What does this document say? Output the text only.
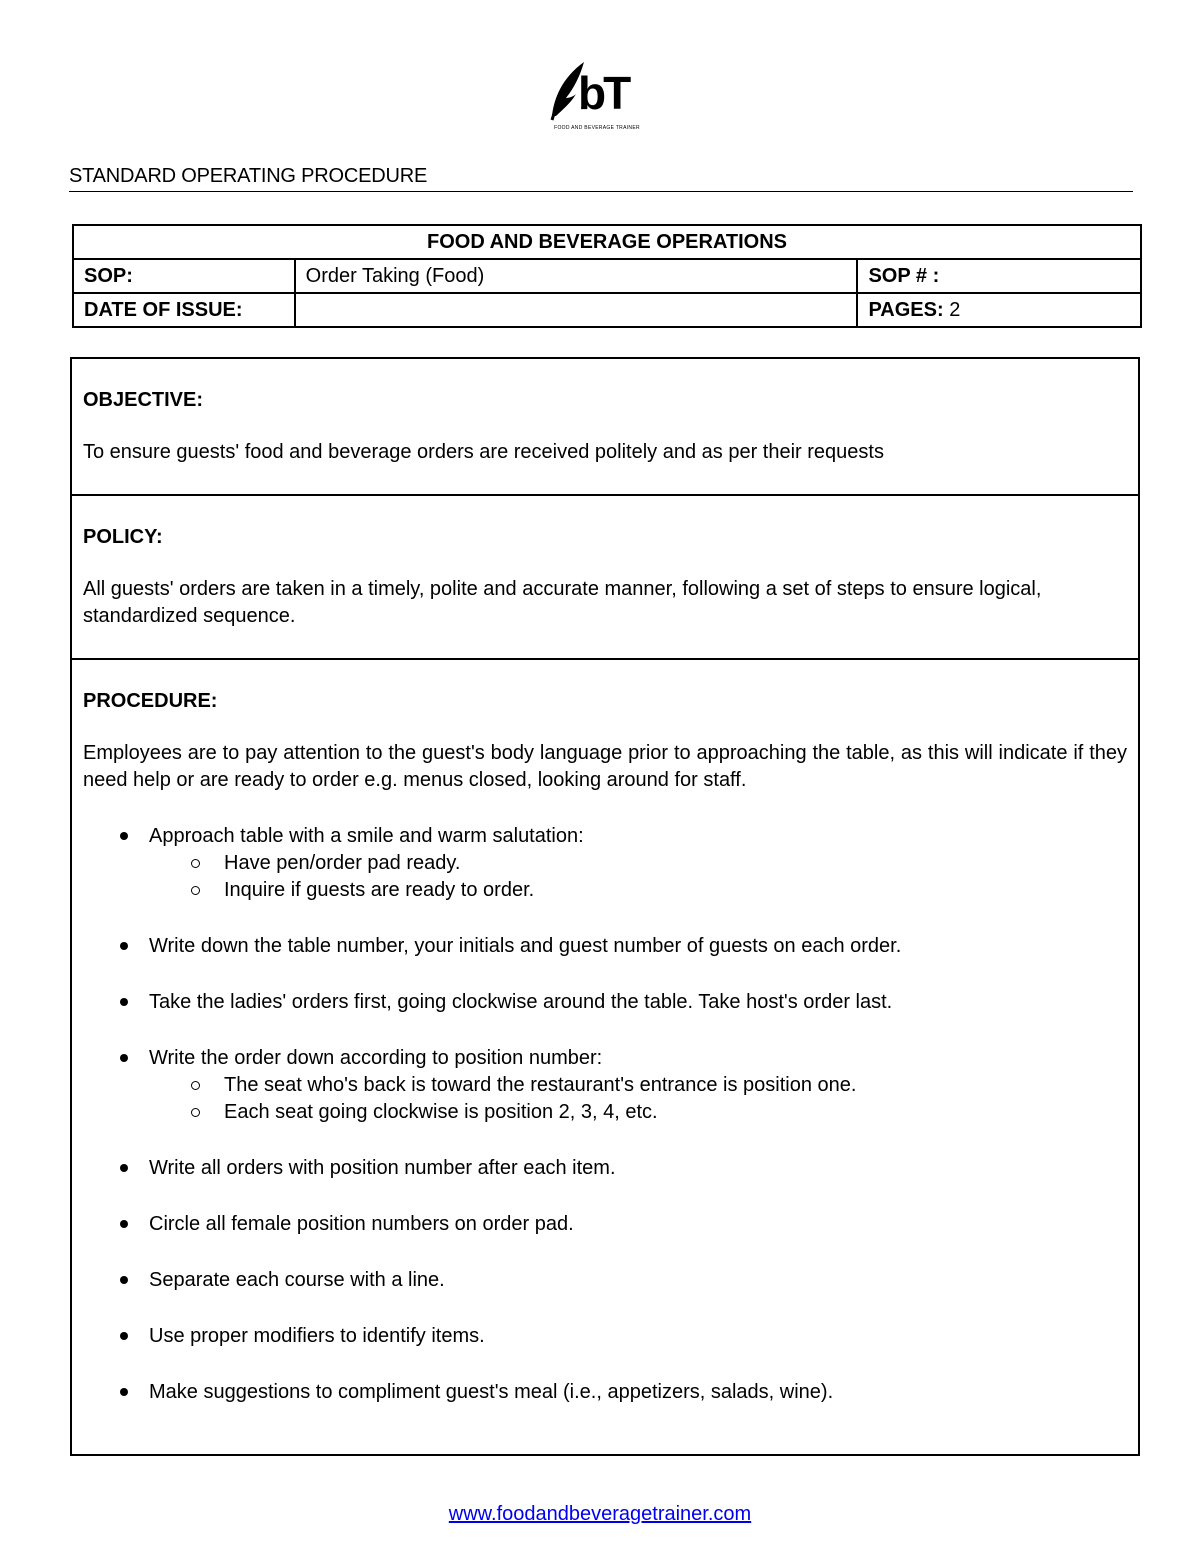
FOOD AND BEVERAGE TRAINER
bT
STANDARD OPERATING PROCEDURE
FOOD AND BEVERAGE OPERATIONS		
SOP:	Order Taking (Food)	SOP # :
DATE OF ISSUE:		PAGES: 2

OBJECTIVE:

To ensure guests' food and beverage orders are received politely and as per their requests

POLICY:

All guests' orders are taken in a timely, polite and accurate manner, following a set of steps to ensure logical, standardized sequence.

PROCEDURE:

Employees are to pay attention to the guest's body language prior to approaching the table, as this will indicate if they need help or are ready to order e.g. menus closed, looking around for staff.

Approach table with a smile and warm salutation:
Have pen/order pad ready.
Inquire if guests are ready to order.
Write down the table number, your initials and guest number of guests on each order.
Take the ladies' orders first, going clockwise around the table. Take host's order last.
Write the order down according to position number:
The seat who's back is toward the restaurant's entrance is position one.
Each seat going clockwise is position 2, 3, 4, etc.
Write all orders with position number after each item.
Circle all female position numbers on order pad.
Separate each course with a line.
Use proper modifiers to identify items.
Make suggestions to compliment guest's meal (i.e., appetizers, salads, wine).
www.foodandbeveragetrainer.com
